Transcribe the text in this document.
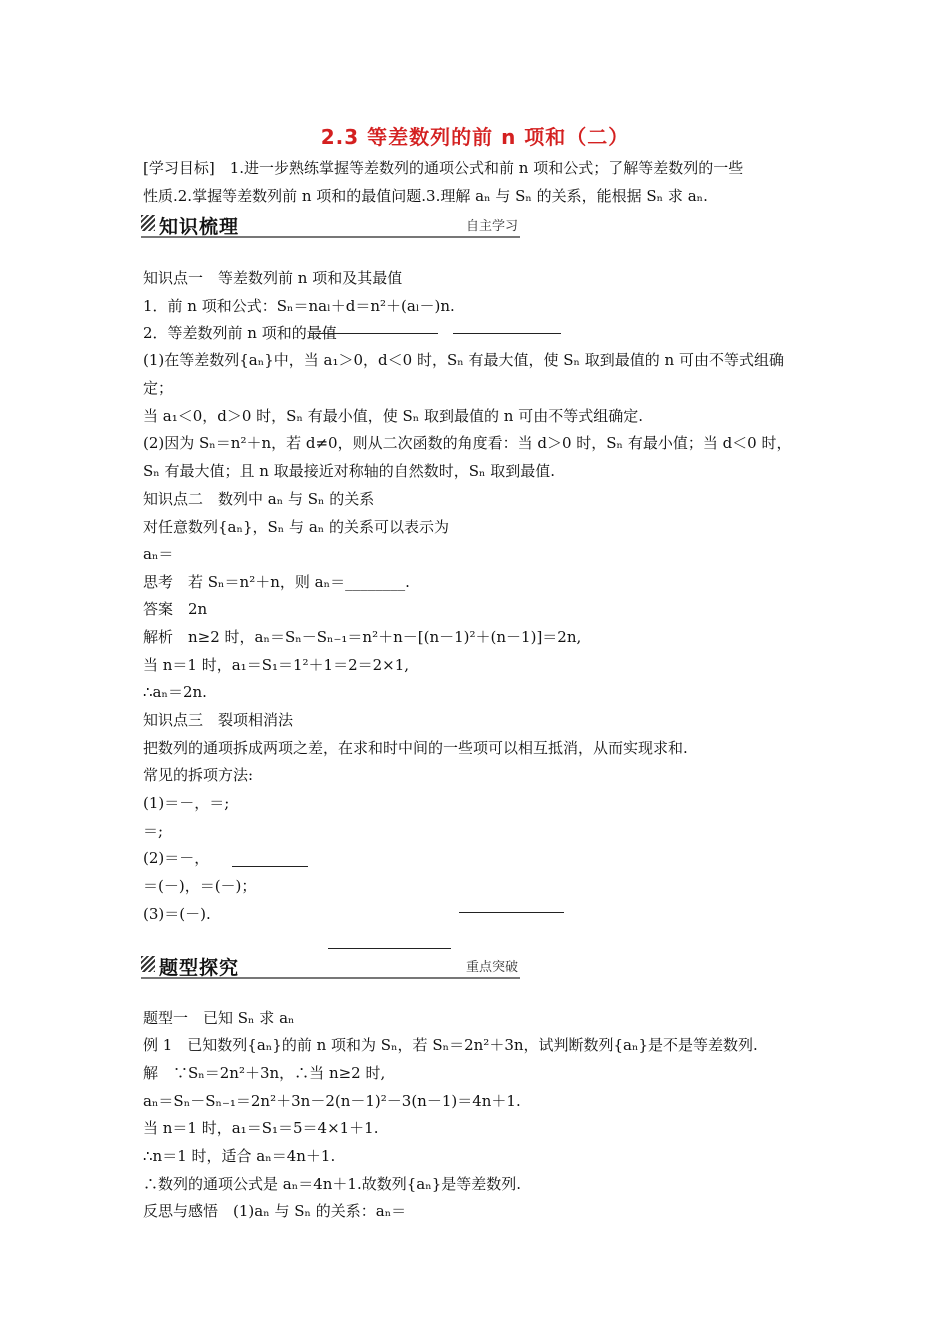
2.3 等差数列的前 n 项和（二）
[学习目标]　1.进一步熟练掌握等差数列的通项公式和前 n 项和公式；了解等差数列的一些
性质.2.掌握等差数列前 n 项和的最值问题.3.理解 aₙ 与 Sₙ 的关系，能根据 Sₙ 求 aₙ.
知识梳理	自主学习
知识点一　等差数列前 n 项和及其最值
1．前 n 项和公式：Sₙ＝naₗ＋d＝n²＋(aₗ－)n.
2．等差数列前 n 项和的最值
(1)在等差数列{aₙ}中，当 a₁＞0，d＜0 时，Sₙ 有最大值，使 Sₙ 取到最值的 n 可由不等式组确
定；
当 a₁＜0，d＞0 时，Sₙ 有最小值，使 Sₙ 取到最值的 n 可由不等式组确定.
(2)因为 Sₙ＝n²＋n，若 d≠0，则从二次函数的角度看：当 d＞0 时，Sₙ 有最小值；当 d＜0 时，
Sₙ 有最大值；且 n 取最接近对称轴的自然数时，Sₙ 取到最值.
知识点二　数列中 aₙ 与 Sₙ 的关系
对任意数列{aₙ}，Sₙ 与 aₙ 的关系可以表示为
aₙ＝
思考　若 Sₙ＝n²＋n，则 aₙ＝________.
答案　2n
解析　n≥2 时，aₙ＝Sₙ－Sₙ₋₁＝n²＋n－[(n－1)²＋(n－1)]＝2n,
当 n＝1 时，a₁＝S₁＝1²＋1＝2＝2×1,
∴aₙ＝2n.
知识点三　裂项相消法
把数列的通项拆成两项之差，在求和时中间的一些项可以相互抵消，从而实现求和.
常见的拆项方法:
(1)＝－，＝;
＝;
(2)＝－，
＝(－)，＝(－)；
(3)＝(－).
题型探究	重点突破
题型一　已知 Sₙ 求 aₙ
例 1　已知数列{aₙ}的前 n 项和为 Sₙ，若 Sₙ＝2n²＋3n，试判断数列{aₙ}是不是等差数列.
解　∵Sₙ＝2n²＋3n，∴当 n≥2 时,
aₙ＝Sₙ－Sₙ₋₁＝2n²＋3n－2(n－1)²－3(n－1)＝4n＋1.
当 n＝1 时，a₁＝S₁＝5＝4×1＋1.
∴n＝1 时，适合 aₙ＝4n＋1.
∴数列的通项公式是 aₙ＝4n＋1.故数列{aₙ}是等差数列.
反思与感悟　(1)aₙ 与 Sₙ 的关系：aₙ＝
